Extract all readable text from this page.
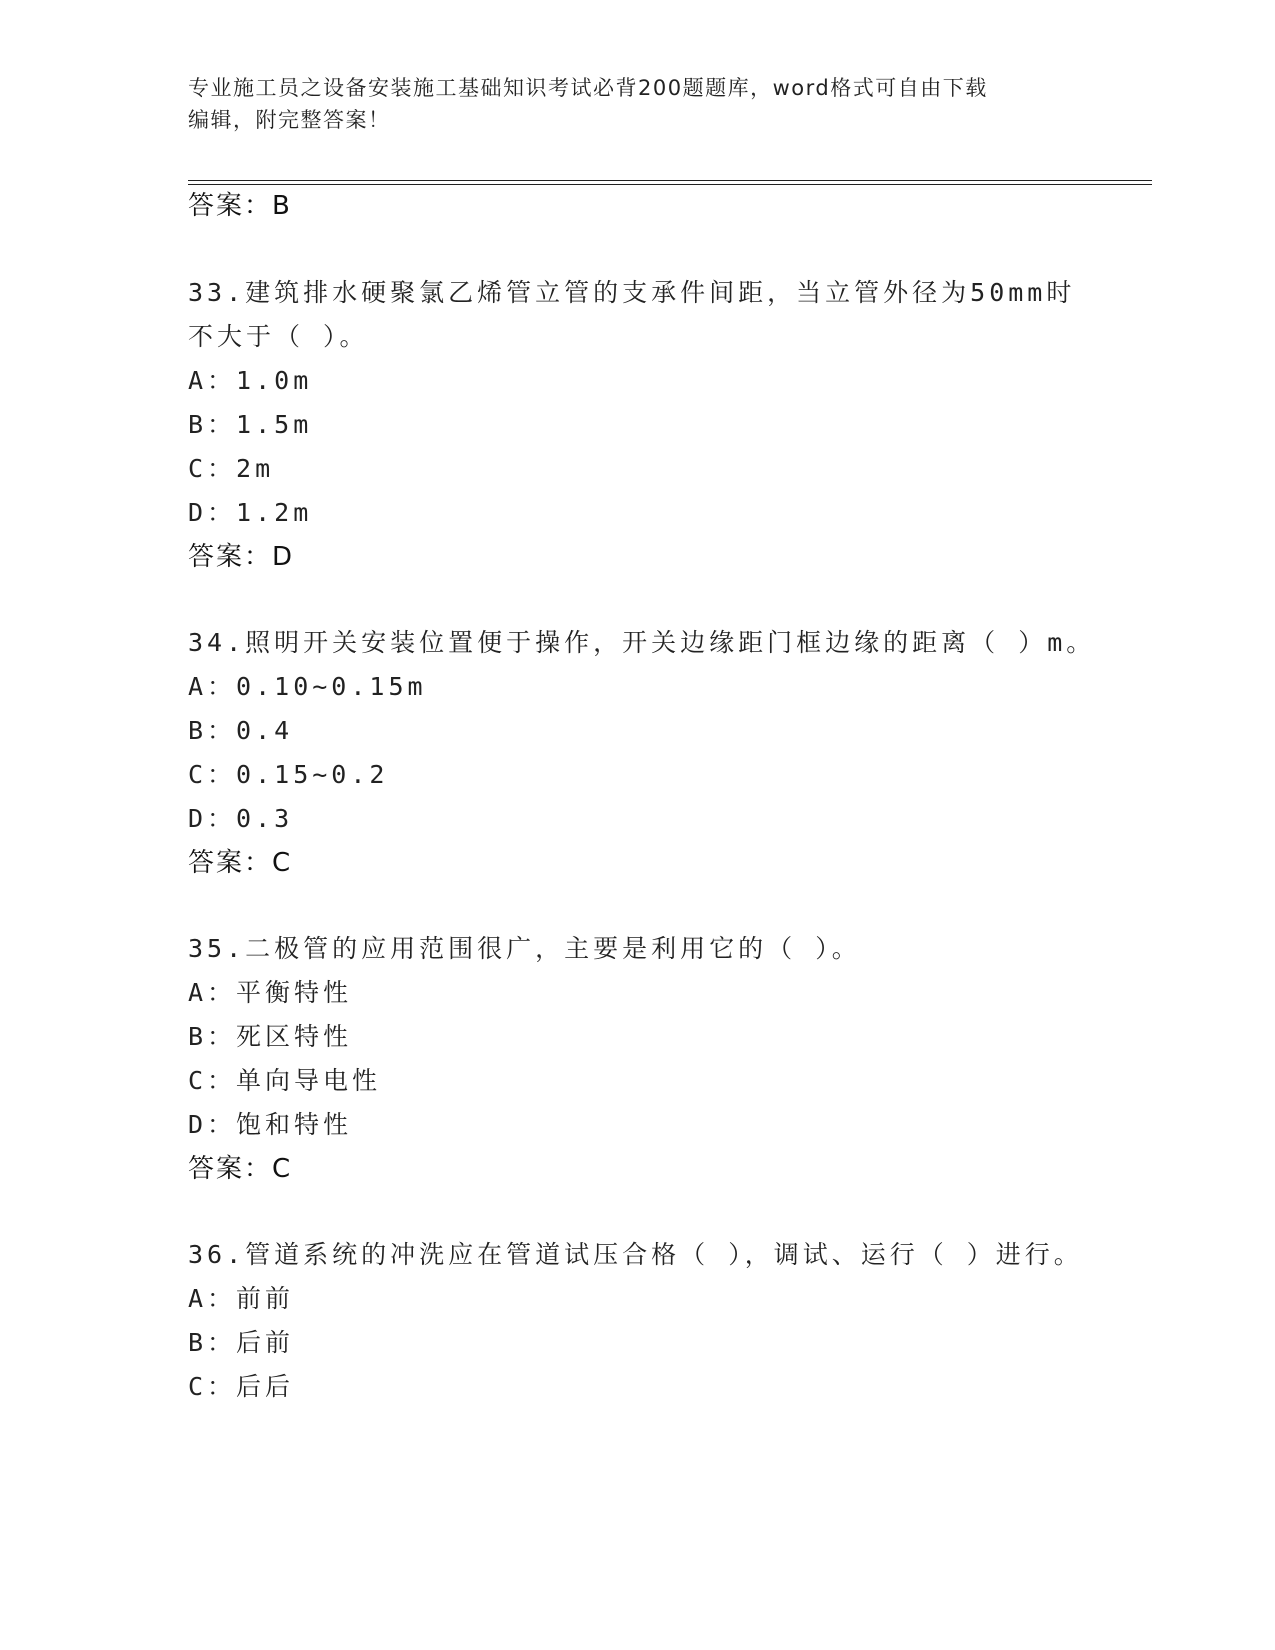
专业施工员之设备安装施工基础知识考试必背200题题库，word格式可自由下载
编辑，附完整答案！
答案：B
33.建筑排水硬聚氯乙烯管立管的支承件间距，当立管外径为50mm时
不大于（ ）。
A：1.0m
B：1.5m
C：2m
D：1.2m
答案：D
34.照明开关安装位置便于操作，开关边缘距门框边缘的距离（ ）m。
A：0.10~0.15m
B：0.4
C：0.15~0.2
D：0.3
答案：C
35.二极管的应用范围很广，主要是利用它的（ ）。
A：平衡特性
B：死区特性
C：单向导电性
D：饱和特性
答案：C
36.管道系统的冲洗应在管道试压合格（ ），调试、运行（ ）进行。
A：前前
B：后前
C：后后
